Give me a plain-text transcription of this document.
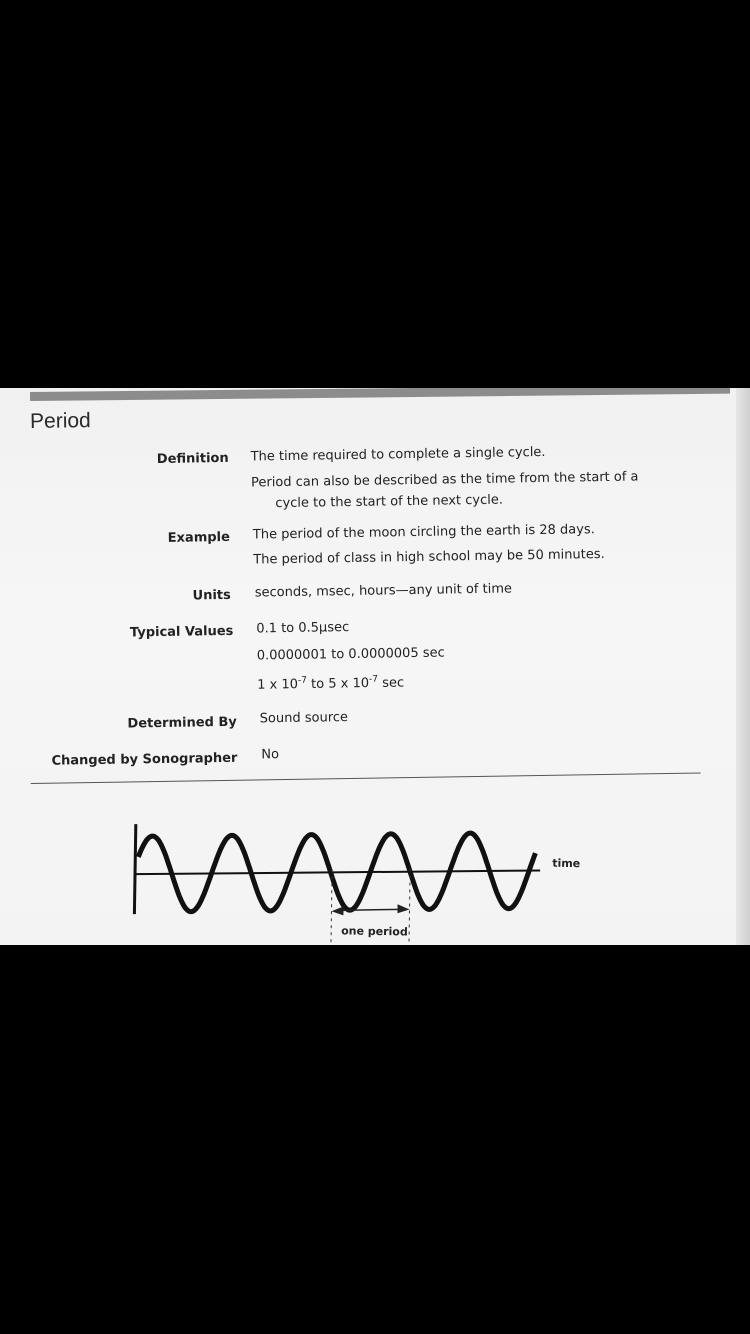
Period
Definition The time required to complete a single cycle.
Period can also be described as the time from the start of a
cycle to the start of the next cycle.
Example The period of the moon circling the earth is 28 days.
The period of class in high school may be 50 minutes.
Units seconds, msec, hours—any unit of time
Typical Values 0.1 to 0.5μsec
0.0000001 to 0.0000005 sec
1 x $10^{-7}$ to 5 x $10^{-7}$ sec
Determined By Sound source
Changed by Sonographer No
one period
time
